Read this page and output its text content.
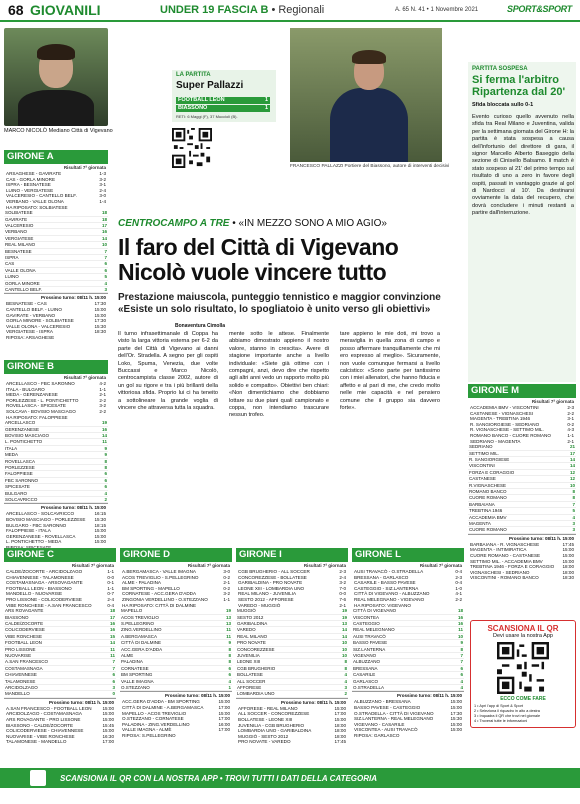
68 GIOVANILI	UNDER 19 FASCIA B • Regionali	A. 65 N. 41 • 1 Novembre 2021	SPORT&SPORT
MARCO NICOLÒ Mediano Città di Vigevano
GIRONE A
Risultati 7ª giornata
ARSAGHESE - GAVIRATE	1-3
CAS - GORLA MINORE	3-2
ISPRA - BESNATESE	3-1
LUINO - VERGIATESE	2-4
VALCERESIO - CANTELLO BELF.	3-0
VERBANO - VALLE OLONA	1-4
HA RIPOSATO: SOLBIATESE
SOLBIATESE	18
GAVIRATE	18
VALCERESIO	17
VERBANO	16
VERGIATESE	14
REAL MILANO	10
BESNATESE	7
ISPRA	7
CAS	6
VALLE OLONA	6
LUINO	5
GORLA MINORE	4
CANTELLO BELF.	3
Prossimo turno: 08/11 h. 15:00
BESNATESE - CAS	17:30
CANTELLO BELF. - LUINO	15:00
GAVIRATE - VERBANO	15:00
GORLA MINORE - SOLBIATESE	17:30
VALLE OLONA - VALCERESIO	15:30
VERGIATESE - ISPRA	18:30
RIPOSA: ARSAGHESE
GIRONE B
Risultati 7ª giornata
ARCELLASCO - FBC SARONNO	4-2
ITALA - BULGARO	1-1
MEDA - GERENZANESE	2-1
PORLEZZESE - L. PONTICHETTO	2-2
ROVELLASCA - SPICESATE	3-2
SOLCAVA - BOVISIO MASCIAGO	2-2
HA RIPOSATO: FALOPPIESE
ARCELLASCO	19
GERENZANESE	16
BOVISIO MASCIAGO	14
L. PONTICHETTO	11
ITALA	9
MEDA	9
ROVELLASCA	8
PORLEZZESE	8
FALOPPIESE	6
FBC SARONNO	6
SPICESATE	6
BULGARO	4
SOLCAVRICCO	2
Prossimo turno: 08/11 h. 15:00
ARCELLASCO - SOLCAVRICCO	16:15
BOVISIO MASCIAGO - PORLEZZESE 15:30
BULGARO - FBC SARONNO	18:15
FALOPPIESE - ITALA	15:00
GERENZANESE - ROVELLASCA	15:00
L. PONTICHETTO - MEDA	15:00
LA PARTITA
Super Pallazzi
FOOTBALL LEON	1
BIASSONO	1
RETI: 6 Maggi (F), 37 Muccioli (B).
FRANCESCO PALLAZZI Portiere del Biassono, autore di interventi decisivi
CENTROCAMPO A TRE • «IN MEZZO SONO A MIO AGIO»
Il faro del Città di Vigevano Nicolò vuole vincere tutto
Prestazione maiuscola, punteggio tennistico e maggior convinzione «Esiste un solo risultato, lo spogliatoio è unito verso gli obiettivi»
Bonaventura Cimolla
Il turno infrasettimanale di Coppa ha visto la larga vittoria esterna per 6-2 da parte del Città di Vigevano ai danni dell'Or. Stradella. A segno per gli ospiti Loko, Spuma, Venezia, due volte Buccassi e Marco Nicolò, centrocampista classe 2002, autore di un gol su rigore e tra i più brillanti della vittoriosa sfida. Proprio lui ci ha teneito a sottolineare la grande voglia di vincere che attraversa tutta la squadra.
mente sotto le attese. Finalmente abbiamo dimostrato appieno il nostro valore, stanno in crescita». Avere di stagione importante anche a livello individuale: «Siete già ottime con i compagni, anzi, devo dire che rispetto agli altri anni vedo un rapporto molto più solido e compatto». Obiettivi ben chiari: «Non dimentichiamo che dobbiamo lottare su due piani quali campionato e coppa, non intendiamo trascurare nessun trofeo.
tare appieno le mie doti, mi trovo a meraviglia in quella zona di campo e posso affermare tranquillamente che mi ero espresso al meglio». Sicuramente, non vuole comunque fermarsi a livello calcistico: «Sono parte per tantissimo con i miei allenatori, che hanno fiducia e affetto e al pari di me, che credo molto nelle mie capacità e nel pensiero comune che il gruppo sia davvero forte».
PARTITA SOSPESA
Si ferma l'arbitro Ripartenza dal 20'
Sfida bloccata sullo 0-1
Evento curioso quello avvenuto nella sfida tra Real Milano e Juventina, valida per la settimana giornata del Girone H: la partita è stata sospesa a causa dell'infortunio del direttore di gara, il signor Marcello Alberto Baseggio della sezione di Cinisello Balsamo. Il match è stato sospeso al 21' del primo tempo sul risultato di uno a zero in favore degli ospiti, passati in vantaggio grazie al gol di Nardocci al 10'. Da destinarsi ovviamente la data del recupero, che dovrà concludere i minuti restanti a partire dall'interruzione.
GIRONE M
Risultati 7ª giornata
ACCADEMIA BMV - VISCONTINI	2-3
CASTANESE - VIGNASCHESI	2-2
MAGENTA - TREBTINA 1946	3-1
R. SANGIORGIESE - SEDRIANO	0-2
R. VIGNASCHESE - SETTIMO MIL.	4-3
ROMANO BANCO - CUORE ROMANO	1-1
SEDRIANO - MAGENTA	2-1
SEDRIANO	21
SETTIMO MIL.	17
R. SANGIORGIESE	14
VISCONTINI	14
FORZA E CORAGGIO	12
CASTANESE	12
R.VIGNASCHESE	10
ROMANO BANCO	8
CUORE ROMANO	8
BARBAIANA	7
TREBTINA 1946	5
ACCADEMIA BMV	4
MAGENTA	3
CUORE ROMANO	3
Prossimo turno: 08/11 h. 15:00
BARBAIANA - R. VIGNASCHESE	17:45
MAGENTA - INTIMIRATICA	15:00
CUORE ROMANO - CASTANESE	15:00
SETTIMO MIL. - ACCADEMIA BMV	15:00
TREBTINA 1946 - FORZA E CORAGGIO 18:00
VIGNASCHESI - SEDRIANO	18:00
VISCONTINI - ROMANO BANCO	18:30
GIRONE C
Risultati 7ª giornata
CALDE/ZOCORTE - ARCIDOLZAGO	1-1
CHIAVENNESE - TALAMONESE	0-0
COSTAMASNAGA - ARSOVAGANTE	0-1
FOOTBALL LEON - BIASSONO	1-1
MANDELLO - NUOVARISE	0-7
PRO LISSONE - COLICODERVIESE	2-4
VIBE RONCHESE - A.SAN FRANCESCO	0-4
ARS ROVAGANTE	18
BIASSONO	17
CALDE/ZOCORTE	16
COLICODERVIESE	16
VIBE RONCHESE	15
FOOTBALL LEON	14
PRO LISSONE	11
NUOVARISE	11
A.SAN FRANCESCO	7
COSTAMASNAGA	7
CHIAVENNESE	6
TALAMONESE	6
ARCIDOLZAGO	3
MANDELLO	0
Prossimo turno: 08/11 h. 15:00
A.SAN FRANCESCO - FOOTBALL LEON 15:00
ARCIDOLZAGO - COSTAMASNAGA	15:00
ARS ROVAGANTE - PRO LISSONE	15:00
BIASSONO - CALDE/ZOCORTE	15:45
COLICODERVIESE - CHIAVENNESE	15:00
NUOVARISE - VIBE RONCHESE	16:30
TALAMONESE - MANDELLO	17:00
GIRONE D
Risultati 7ª giornata
A.BERGAMASCA - VALLE IMAGNA	3-0
ACOS TREVIGLIO - S.PELLEGRINO	0-2
ALME - PALADINA	2-1
BM SPORTING - MAPELLO	0-2
CORNATESE - ACC.GERA D'ADDA	3-2
ZINGONIA VERDELLINO - O.STEZZANO	1-1
HA RIPOSATO: CITTÀ DI DALMINE
MAPELLO	19
ACOS TREVIGLIO	13
S.PELLEGRINO	13
ZING.VERDELLINO	11
A.BERGAMASCA	11
CITTÀ DI DALMINE	9
ACC.GERA D'ADDA	8
ALME	8
PALADINA	8
CORNATESE	6
BM SPORTING	6
VALLE IMAGNA	4
O.STEZZANO	1
Prossimo turno: 08/11 h. 15:00
ACC.GERA D'ADDA - BM SPORTING	15:00
CITTÀ DI DALMINE - A.BERGAMASCA	17:00
MAPELLO - ACOS TREVIGLIO	15:00
O.STEZZANO - CORNATESE	17:00
PALADINA - ZING.VERDELLINO	16:00
VALLE IMAGNA - ALMÈ	17:00
RIPOSA: S.PELLEGRINO
GIRONE I
Risultati 7ª giornata
CGB BRUGHERIO - ALL SOCCER	2-3
CONCOREZZESE - BOLLATESE	2-4
GARIBALDINA - PRO NOVATE	3-2
LEONE XIII - LOMBARDIA UNO	7-0
REAL MILANO - JUVENILIA	0-0
SESTO 2012 - AFFORESE	7-6
VAREDO - MUGGIÒ	2-1
MUGGIÒ	19
SESTO 2012	19
GARIBALDINA	13
VAREDO	14
REAL MILANO	14
PRO NOVATE	10
CONCOREZZESE	10
JUVENILIA	10
LEONE XIII	8
CGB BRUGHERIO	8
BOLLATESE	4
ALL SOCCER	4
AFFORESE	3
LOMBARDIA UNO	2
Prossimo turno: 08/11 h. 15:00
AFFORESE - REAL MILANO	15:00
ALL SOCCER - CONCOREZZESE	17:00
BOLLATESE - LEONE XIII	15:00
JUVENILIA - CGB BRUGHERIO	18:00
LOMBARDIA UNO - GARIBALDINA	18:00
MUGGIÒ - SESTO 2012	18:00
PRO NOVATE - VAREDO	17:45
GIRONE L
Risultati 7ª giornata
AUSI TRAVACÒ - O.STRADELLA	0-4
BRESSANA - GARLASCO	2-3
CASARILE - BASSO PAVESE	0-4
CASTEGGIO - SIZ.LANTERNA	1-0
CITTÀ DI VIGEVANO - ALBUZZANO	4-1
REAL MELEGNANO - VIGEVANO	2-2
HA RIPOSATO: VIGEVANO
CITTÀ DI VIGEVANO	18
VISCONTEA	16
CASTEGGIO	16
REAL MELEGNANO	11
AUSI TRAVACÒ	10
BASSO PAVESE	9
SIZ.LANTERNA	8
VIGEVANO	7
ALBUZZANO	7
BRESSANA	6
CASARILE	6
GARLASCO	4
O.STRADELLA	4
Prossimo turno: 08/11 h. 15:00
ALBUZZANO - BRESSANA	15:00
BASSO PAVESE - CASTEGGIO	15:00
O.STRADELLA - CITTÀ DI VIGEVANO	17:30
SIZ.LANTERNA - REAL MELEGNANO	15:30
VIGEVANO - CASARILE	15:00
VISCONTEA - AUSI TRAVACÒ	15:00
RIPOSA: GARLASCO
SCANSIONA IL QR
Devi usare la nostra App
ECCO COME FARE
1 • Apri l'app di Sport & Sport
2 • Seleziona il riquadro in alto a destra
3 • Inquadra il QR che trovi nel giornale
4 • Troverai tutte le informazioni
SCANSIONA IL QR CON LA NOSTRA APP • TROVI TUTTI I DATI DELLA CATEGORIA
